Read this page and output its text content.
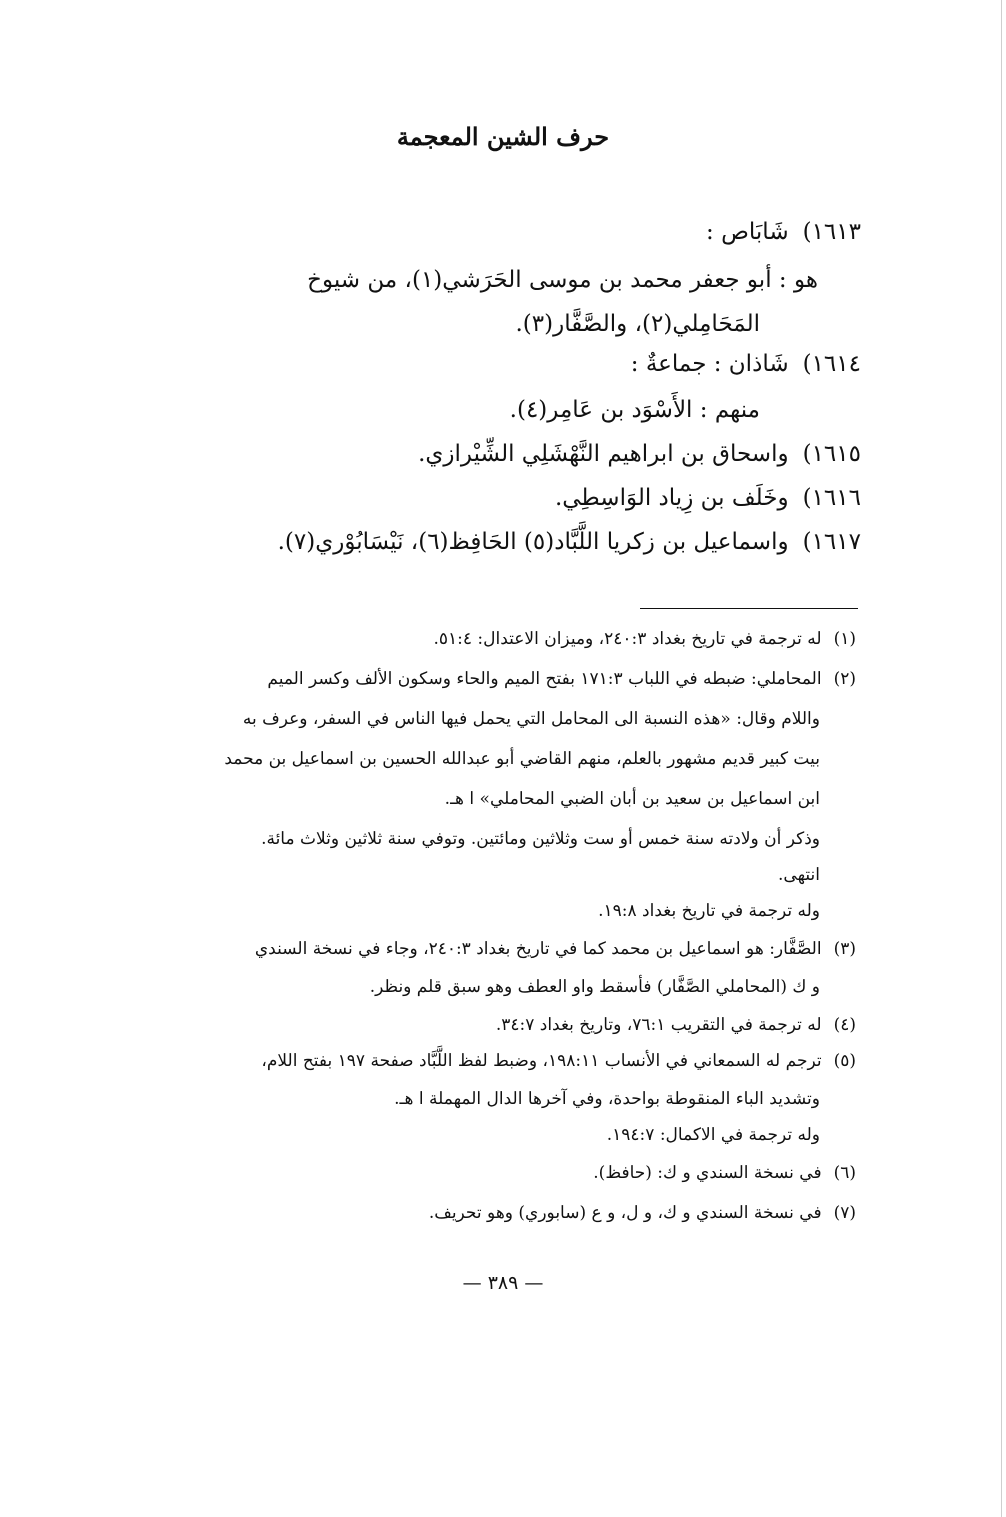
حرف الشين المعجمة
١٦١٣)شَابَاص :
هو : أبو جعفر محمد بن موسى الحَرَشي(١)، من شيوخ
المَحَامِلي(٢)، والصَّفَّار(٣).
١٦١٤)شَاذان : جماعةٌ :
منهم : الأَسْوَد بن عَامِر(٤).
١٦١٥)واسحاق بن ابراهيم النَّهْشَلِي الشِّيْرازي.
١٦١٦)وخَلَف بن زِياد الوَاسِطِي.
١٦١٧)واسماعيل بن زكريا اللَّبَّاد(٥) الحَافِظ(٦)، نَيْسَابُوْري(٧).
(١)له ترجمة في تاريخ بغداد ٢٤٠:٣، وميزان الاعتدال: ٥١:٤.
(٢)المحاملي: ضبطه في اللباب ١٧١:٣ بفتح الميم والحاء وسكون الألف وكسر الميم
واللام وقال: «هذه النسبة الى المحامل التي يحمل فيها الناس في السفر، وعرف به
بيت كبير قديم مشهور بالعلم، منهم القاضي أبو عبدالله الحسين بن اسماعيل بن محمد
ابن اسماعيل بن سعيد بن أبان الضبي المحاملي» ا هـ.
وذكر أن ولادته سنة خمس أو ست وثلاثين ومائتين. وتوفي سنة ثلاثين وثلاث مائة.
انتهى.
وله ترجمة في تاريخ بغداد ١٩:٨.
(٣)الصَّفَّار: هو اسماعيل بن محمد كما في تاريخ بغداد ٢٤٠:٣، وجاء في نسخة السندي
و ك (المحاملي الصَّفَّار) فأسقط واو العطف وهو سبق قلم ونظر.
(٤)له ترجمة في التقريب ٧٦:١، وتاريخ بغداد ٣٤:٧.
(٥)ترجم له السمعاني في الأنساب ١٩٨:١١، وضبط لفظ اللَّبَّاد صفحة ١٩٧ بفتح اللام،
وتشديد الباء المنقوطة بواحدة، وفي آخرها الدال المهملة ا هـ.
وله ترجمة في الاكمال: ١٩٤:٧.
(٦)في نسخة السندي و ك: (حافظ).
(٧)في نسخة السندي و ك، و ل، و ع (سابوري) وهو تحريف.
— ٣٨٩ —
